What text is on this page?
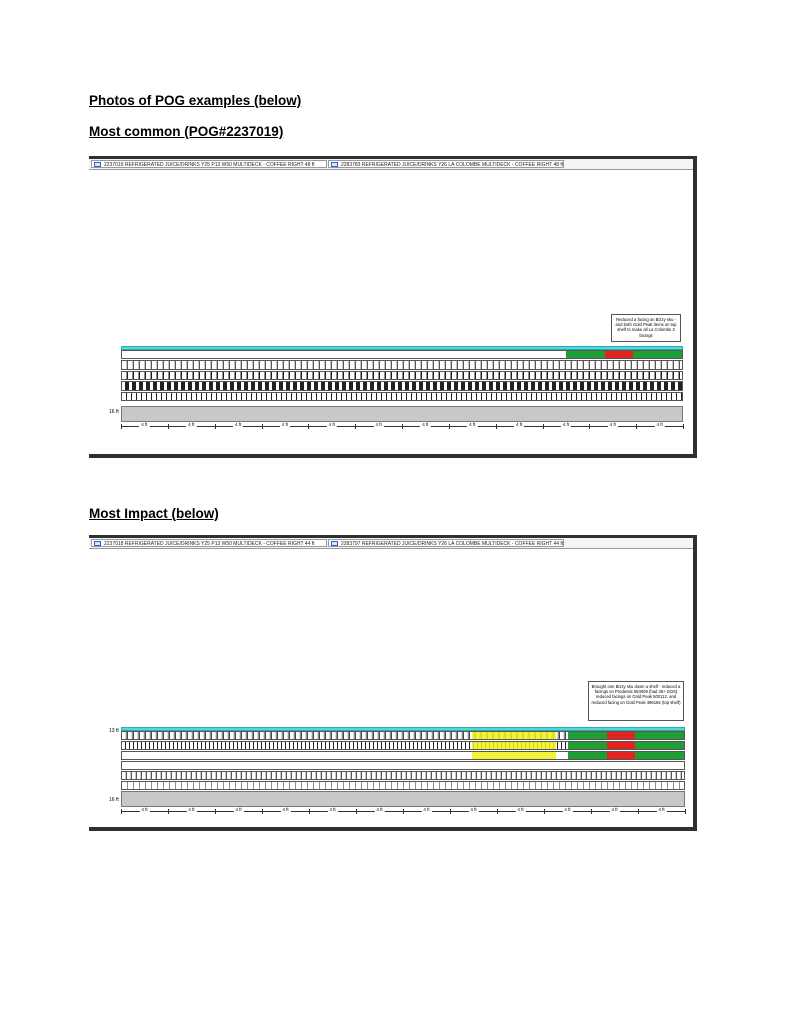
Photos of POG examples (below)
Most common (POG#2237019)
2237019 REFRIGERATED JUICE/DRINKS Y25 P13 W50 MULTIDECK - COFFEE RIGHT 48 ft	2283783 REFRIGERATED JUICE/DRINKS Y26 LA COLOMBE MULTIDECK - COFFEE RIGHT 48 ft
Reduced a facing on Bizzy sku - and both Gold Peak items on top shelf to make all La Colombe 3 facings
16 ft
4 ft	4 ft	4 ft	4 ft	4 ft	4 ft	4 ft	4 ft	4 ft	4 ft	4 ft	4 ft
Most Impact (below)
2237018 REFRIGERATED JUICE/DRINKS Y25 P13 W50 MULTIDECK - COFFEE RIGHT 44 ft	2283797 REFRIGERATED JUICE/DRINKS Y26 LA COLOMBE MULTIDECK - COFFEE RIGHT 44 ft
Brought one Bizzy sku down a shelf - reduced a facings on Prodentix 554009 (had 35+ DOS) reduced facings on Gold Peak 500112. and reduced facing on Gold Peak 496155 (top shelf)
13 ft
16 ft
4 ft	4 ft	4 ft	4 ft	4 ft	4 ft	4 ft	4 ft	4 ft	4 ft	4 ft	4 ft
